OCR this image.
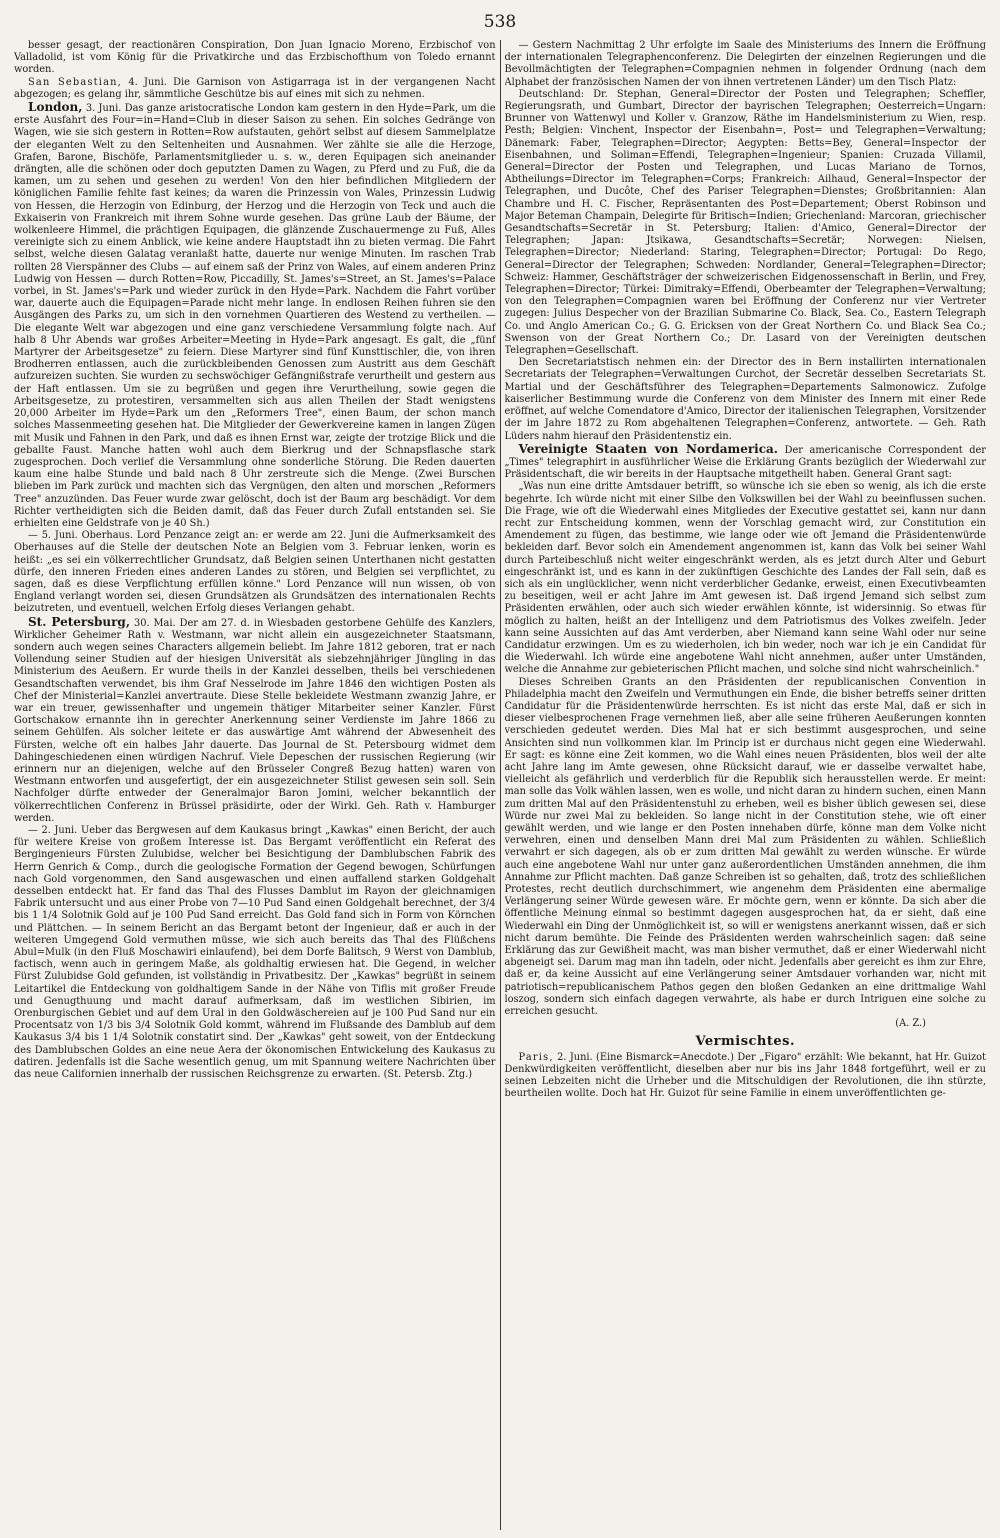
538

besser gesagt, der reactionären Conspiration, Don Juan Ignacio Moreno, Erzbischof von Valladolid, ist vom König für die Privatkirche und das Erzbischofthum von Toledo ernannt worden.

San Sebastian, 4. Juni. Die Garnison von Astigarraga ist in der vergangenen Nacht abgezogen; es gelang ihr, sämmtliche Geschütze bis auf eines mit sich zu nehmen.

London, 3. Juni. Das ganze aristocratische London kam gestern in den Hyde=Park, um die erste Ausfahrt des Four=in=Hand=Club in dieser Saison zu sehen. Ein solches Gedränge von Wagen, wie sie sich gestern in Rotten=Row aufstauten, gehört selbst auf diesem Sammelplatze der eleganten Welt zu den Seltenheiten und Ausnahmen. Wer zählte sie alle die Herzoge, Grafen, Barone, Bischöfe, Parlamentsmitglieder u. s. w., deren Equipagen sich aneinander drängten, alle die schönen oder doch geputzten Damen zu Wagen, zu Pferd und zu Fuß, die da kamen, um zu sehen und gesehen zu werden! Von den hier befindlichen Mitgliedern der königlichen Familie fehlte fast keines; da waren die Prinzessin von Wales, Prinzessin Ludwig von Hessen, die Herzogin von Edinburg, der Herzog und die Herzogin von Teck und auch die Exkaiserin von Frankreich mit ihrem Sohne wurde gesehen. Das grüne Laub der Bäume, der wolkenleere Himmel, die prächtigen Equipagen, die glänzende Zuschauermenge zu Fuß, Alles vereinigte sich zu einem Anblick, wie keine andere Hauptstadt ihn zu bieten vermag. Die Fahrt selbst, welche diesen Galatag veranlaßt hatte, dauerte nur wenige Minuten. Im raschen Trab rollten 28 Vierspänner des Clubs — auf einem saß der Prinz von Wales, auf einem anderen Prinz Ludwig von Hessen — durch Rotten=Row, Piccadilly, St. James's=Street, an St. James's=Palace vorbei, in St. James's=Park und wieder zurück in den Hyde=Park. Nachdem die Fahrt vorüber war, dauerte auch die Equipagen=Parade nicht mehr lange. In endlosen Reihen fuhren sie den Ausgängen des Parks zu, um sich in den vornehmen Quartieren des Westend zu vertheilen. — Die elegante Welt war abgezogen und eine ganz verschiedene Versammlung folgte nach. Auf halb 8 Uhr Abends war großes Arbeiter=Meeting in Hyde=Park angesagt. Es galt, die „fünf Martyrer der Arbeitsgesetze" zu feiern. Diese Martyrer sind fünf Kunsttischler, die, von ihren Brodherren entlassen, auch die zurückbleibenden Genossen zum Austritt aus dem Geschäft aufzureizen suchten. Sie wurden zu sechswöchiger Gefängnißstrafe verurtheilt und gestern aus der Haft entlassen. Um sie zu begrüßen und gegen ihre Verurtheilung, sowie gegen die Arbeitsgesetze, zu protestiren, versammelten sich aus allen Theilen der Stadt wenigstens 20,000 Arbeiter im Hyde=Park um den „Reformers Tree", einen Baum, der schon manch solches Massenmeeting gesehen hat. Die Mitglieder der Gewerkvereine kamen in langen Zügen mit Musik und Fahnen in den Park, und daß es ihnen Ernst war, zeigte der trotzige Blick und die geballte Faust. Manche hatten wohl auch dem Bierkrug und der Schnapsflasche stark zugesprochen. Doch verlief die Versammlung ohne sonderliche Störung. Die Reden dauerten kaum eine halbe Stunde und bald nach 8 Uhr zerstreute sich die Menge. (Zwei Burschen blieben im Park zurück und machten sich das Vergnügen, den alten und morschen „Reformers Tree" anzuzünden. Das Feuer wurde zwar gelöscht, doch ist der Baum arg beschädigt. Vor dem Richter vertheidigten sich die Beiden damit, daß das Feuer durch Zufall entstanden sei. Sie erhielten eine Geldstrafe von je 40 Sh.)

— 5. Juni. Oberhaus. Lord Penzance zeigt an: er werde am 22. Juni die Aufmerksamkeit des Oberhauses auf die Stelle der deutschen Note an Belgien vom 3. Februar lenken, worin es heißt: „es sei ein völkerrechtlicher Grundsatz, daß Belgien seinen Unterthanen nicht gestatten dürfe, den inneren Frieden eines anderen Landes zu stören, und Belgien sei verpflichtet, zu sagen, daß es diese Verpflichtung erfüllen könne." Lord Penzance will nun wissen, ob von England verlangt worden sei, diesen Grundsätzen als Grundsätzen des internationalen Rechts beizutreten, und eventuell, welchen Erfolg dieses Verlangen gehabt.

St. Petersburg, 30. Mai. Der am 27. d. in Wiesbaden gestorbene Gehülfe des Kanzlers, Wirklicher Geheimer Rath v. Westmann, war nicht allein ein ausgezeichneter Staatsmann, sondern auch wegen seines Characters allgemein beliebt. Im Jahre 1812 geboren, trat er nach Vollendung seiner Studien auf der hiesigen Universität als siebzehnjähriger Jüngling in das Ministerium des Aeußern. Er wurde theils in der Kanzlei desselben, theils bei verschiedenen Gesandtschaften verwendet, bis ihm Graf Nesselrode im Jahre 1846 den wichtigen Posten als Chef der Ministerial=Kanzlei anvertraute. Diese Stelle bekleidete Westmann zwanzig Jahre, er war ein treuer, gewissenhafter und ungemein thätiger Mitarbeiter seiner Kanzler. Fürst Gortschakow ernannte ihn in gerechter Anerkennung seiner Verdienste im Jahre 1866 zu seinem Gehülfen. Als solcher leitete er das auswärtige Amt während der Abwesenheit des Fürsten, welche oft ein halbes Jahr dauerte. Das Journal de St. Petersbourg widmet dem Dahingeschiedenen einen würdigen Nachruf. Viele Depeschen der russischen Regierung (wir erinnern nur an diejenigen, welche auf den Brüsseler Congreß Bezug hatten) waren von Westmann entworfen und ausgefertigt, der ein ausgezeichneter Stilist gewesen sein soll. Sein Nachfolger dürfte entweder der Generalmajor Baron Jomini, welcher bekanntlich der völkerrechtlichen Conferenz in Brüssel präsidirte, oder der Wirkl. Geh. Rath v. Hamburger werden.

— 2. Juni. Ueber das Bergwesen auf dem Kaukasus bringt „Kawkas" einen Bericht, der auch für weitere Kreise von großem Interesse ist. Das Bergamt veröffentlicht ein Referat des Bergingenieurs Fürsten Zulubidse, welcher bei Besichtigung der Damblubschen Fabrik des Herrn Genrich & Comp., durch die geologische Formation der Gegend bewogen, Schürfungen nach Gold vorgenommen, den Sand ausgewaschen und einen auffallend starken Goldgehalt desselben entdeckt hat. Er fand das Thal des Flusses Damblut im Rayon der gleichnamigen Fabrik untersucht und aus einer Probe von 7—10 Pud Sand einen Goldgehalt berechnet, der 3/4 bis 1 1/4 Solotnik Gold auf je 100 Pud Sand erreicht. Das Gold fand sich in Form von Körnchen und Plättchen. — In seinem Bericht an das Bergamt betont der Ingenieur, daß er auch in der weiteren Umgegend Gold vermuthen müsse, wie sich auch bereits das Thal des Flüßchens Abul=Mulk (in den Fluß Moschawiri einlaufend), bei dem Dorfe Balitsch, 9 Werst von Damblub, factisch, wenn auch in geringem Maße, als goldhaltig erwiesen hat. Die Gegend, in welcher Fürst Zulubidse Gold gefunden, ist vollständig in Privatbesitz. Der „Kawkas" begrüßt in seinem Leitartikel die Entdeckung von goldhaltigem Sande in der Nähe von Tiflis mit großer Freude und Genugthuung und macht darauf aufmerksam, daß im westlichen Sibirien, im Orenburgischen Gebiet und auf dem Ural in den Goldwäschereien auf je 100 Pud Sand nur ein Procentsatz von 1/3 bis 3/4 Solotnik Gold kommt, während im Flußsande des Damblub auf dem Kaukasus 3/4 bis 1 1/4 Solotnik constatirt sind. Der „Kawkas" geht soweit, von der Entdeckung des Damblubschen Goldes an eine neue Aera der ökonomischen Entwickelung des Kaukasus zu datiren. Jedenfalls ist die Sache wesentlich genug, um mit Spannung weitere Nachrichten über das neue Californien innerhalb der russischen Reichsgrenze zu erwarten. (St. Petersb. Ztg.)

— Gestern Nachmittag 2 Uhr erfolgte im Saale des Ministeriums des Innern die Eröffnung der internationalen Telegraphenconferenz. Die Delegirten der einzelnen Regierungen und die Bevollmächtigten der Telegraphen=Compagnien nehmen in folgender Ordnung (nach dem Alphabet der französischen Namen der von ihnen vertretenen Länder) um den Tisch Platz:

Deutschland: Dr. Stephan, General=Director der Posten und Telegraphen; Scheffler, Regierungsrath, und Gumbart, Director der bayrischen Telegraphen; Oesterreich=Ungarn: Brunner von Wattenwyl und Koller v. Granzow, Räthe im Handelsministerium zu Wien, resp. Pesth; Belgien: Vinchent, Inspector der Eisenbahn=, Post= und Telegraphen=Verwaltung; Dänemark: Faber, Telegraphen=Director; Aegypten: Betts=Bey, General=Inspector der Eisenbahnen, und Soliman=Effendi, Telegraphen=Ingenieur; Spanien: Cruzada Villamil, General=Director der Posten und Telegraphen, und Lucas Mariano de Tornos, Abtheilungs=Director im Telegraphen=Corps; Frankreich: Ailhaud, General=Inspector der Telegraphen, und Ducôte, Chef des Pariser Telegraphen=Dienstes; Großbritannien: Alan Chambre und H. C. Fischer, Repräsentanten des Post=Departement; Oberst Robinson und Major Beteman Champain, Delegirte für Britisch=Indien; Griechenland: Marcoran, griechischer Gesandtschafts=Secretär in St. Petersburg; Italien: d'Amico, General=Director der Telegraphen; Japan: Jtsikawa, Gesandtschafts=Secretär; Norwegen: Nielsen, Telegraphen=Director; Niederland: Staring, Telegraphen=Director; Portugal: Do Rego, General=Director der Telegraphen; Schweden: Nordlander, General=Telegraphen=Director; Schweiz: Hammer, Geschäftsträger der schweizerischen Eidgenossenschaft in Berlin, und Frey, Telegraphen=Director; Türkei: Dimitraky=Effendi, Oberbeamter der Telegraphen=Verwaltung; von den Telegraphen=Compagnien waren bei Eröffnung der Conferenz nur vier Vertreter zugegen: Julius Despecher von der Brazilian Submarine Co. Black, Sea. Co., Eastern Telegraph Co. und Anglo American Co.; G. G. Ericksen von der Great Northern Co. und Black Sea Co.; Swenson von der Great Northern Co.; Dr. Lasard von der Vereinigten deutschen Telegraphen=Gesellschaft.

Den Secretariatstisch nehmen ein: der Director des in Bern installirten internationalen Secretariats der Telegraphen=Verwaltungen Curchot, der Secretär desselben Secretariats St. Martial und der Geschäftsführer des Telegraphen=Departements Salmonowicz. Zufolge kaiserlicher Bestimmung wurde die Conferenz von dem Minister des Innern mit einer Rede eröffnet, auf welche Comendatore d'Amico, Director der italienischen Telegraphen, Vorsitzender der im Jahre 1872 zu Rom abgehaltenen Telegraphen=Conferenz, antwortete. — Geh. Rath Lüders nahm hierauf den Präsidentenstiz ein.

Vereinigte Staaten von Nordamerica. Der americanische Correspondent der „Times" telegraphirt in ausführlicher Weise die Erklärung Grants bezüglich der Wiederwahl zur Präsidentschaft, die wir bereits in der Hauptsache mitgetheilt haben. General Grant sagt:

„Was nun eine dritte Amtsdauer betrifft, so wünsche ich sie eben so wenig, als ich die erste begehrte. Ich würde nicht mit einer Silbe den Volkswillen bei der Wahl zu beeinflussen suchen. Die Frage, wie oft die Wiederwahl eines Mitgliedes der Executive gestattet sei, kann nur dann recht zur Entscheidung kommen, wenn der Vorschlag gemacht wird, zur Constitution ein Amendement zu fügen, das bestimme, wie lange oder wie oft Jemand die Präsidentenwürde bekleiden darf. Bevor solch ein Amendement angenommen ist, kann das Volk bei seiner Wahl durch Parteibeschluß nicht weiter eingeschränkt werden, als es jetzt durch Alter und Geburt eingeschränkt ist, und es kann in der zukünftigen Geschichte des Landes der Fall sein, daß es sich als ein unglücklicher, wenn nicht verderblicher Gedanke, erweist, einen Executivbeamten zu beseitigen, weil er acht Jahre im Amt gewesen ist. Daß irgend Jemand sich selbst zum Präsidenten erwählen, oder auch sich wieder erwählen könnte, ist widersinnig. So etwas für möglich zu halten, heißt an der Intelligenz und dem Patriotismus des Volkes zweifeln. Jeder kann seine Aussichten auf das Amt verderben, aber Niemand kann seine Wahl oder nur seine Candidatur erzwingen. Um es zu wiederholen, ich bin weder, noch war ich je ein Candidat für die Wiederwahl. Ich würde eine angebotene Wahl nicht annehmen, außer unter Umständen, welche die Annahme zur gebieterischen Pflicht machen, und solche sind nicht wahrscheinlich."

Dieses Schreiben Grants an den Präsidenten der republicanischen Convention in Philadelphia macht den Zweifeln und Vermuthungen ein Ende, die bisher betreffs seiner dritten Candidatur für die Präsidentenwürde herrschten. Es ist nicht das erste Mal, daß er sich in dieser vielbesprochenen Frage vernehmen ließ, aber alle seine früheren Aeußerungen konnten verschieden gedeutet werden. Dies Mal hat er sich bestimmt ausgesprochen, und seine Ansichten sind nun vollkommen klar. Im Princip ist er durchaus nicht gegen eine Wiederwahl. Er sagt: es könne eine Zeit kommen, wo die Wahl eines neuen Präsidenten, blos weil der alte acht Jahre lang im Amte gewesen, ohne Rücksicht darauf, wie er dasselbe verwaltet habe, vielleicht als gefährlich und verderblich für die Republik sich herausstellen werde. Er meint: man solle das Volk wählen lassen, wen es wolle, und nicht daran zu hindern suchen, einen Mann zum dritten Mal auf den Präsidentenstuhl zu erheben, weil es bisher üblich gewesen sei, diese Würde nur zwei Mal zu bekleiden. So lange nicht in der Constitution stehe, wie oft einer gewählt werden, und wie lange er den Posten innehaben dürfe, könne man dem Volke nicht verwehren, einen und denselben Mann drei Mal zum Präsidenten zu wählen. Schließlich verwahrt er sich dagegen, als ob er zum dritten Mal gewählt zu werden wünsche. Er würde auch eine angebotene Wahl nur unter ganz außerordentlichen Umständen annehmen, die ihm Annahme zur Pflicht machten. Daß ganze Schreiben ist so gehalten, daß, trotz des schließlichen Protestes, recht deutlich durchschimmert, wie angenehm dem Präsidenten eine abermalige Verlängerung seiner Würde gewesen wäre. Er möchte gern, wenn er könnte. Da sich aber die öffentliche Meinung einmal so bestimmt dagegen ausgesprochen hat, da er sieht, daß eine Wiederwahl ein Ding der Unmöglichkeit ist, so will er wenigstens anerkannt wissen, daß er sich nicht darum bemühte. Die Feinde des Präsidenten werden wahrscheinlich sagen: daß seine Erklärung das zur Gewißheit macht, was man bisher vermuthet, daß er einer Wiederwahl nicht abgeneigt sei. Darum mag man ihn tadeln, oder nicht. Jedenfalls aber gereicht es ihm zur Ehre, daß er, da keine Aussicht auf eine Verlängerung seiner Amtsdauer vorhanden war, nicht mit patriotisch=republicanischem Pathos gegen den bloßen Gedanken an eine drittmalige Wahl loszog, sondern sich einfach dagegen verwahrte, als habe er durch Intriguen eine solche zu erreichen gesucht.

(A. Z.)

Vermischtes.

Paris, 2. Juni. (Eine Bismarck=Anecdote.) Der „Figaro" erzählt: Wie bekannt, hat Hr. Guizot Denkwürdigkeiten veröffentlicht, dieselben aber nur bis ins Jahr 1848 fortgeführt, weil er zu seinen Lebzeiten nicht die Urheber und die Mitschuldigen der Revolutionen, die ihn stürzte, beurtheilen wollte. Doch hat Hr. Guizot für seine Familie in einem unveröffentlichten ge-
